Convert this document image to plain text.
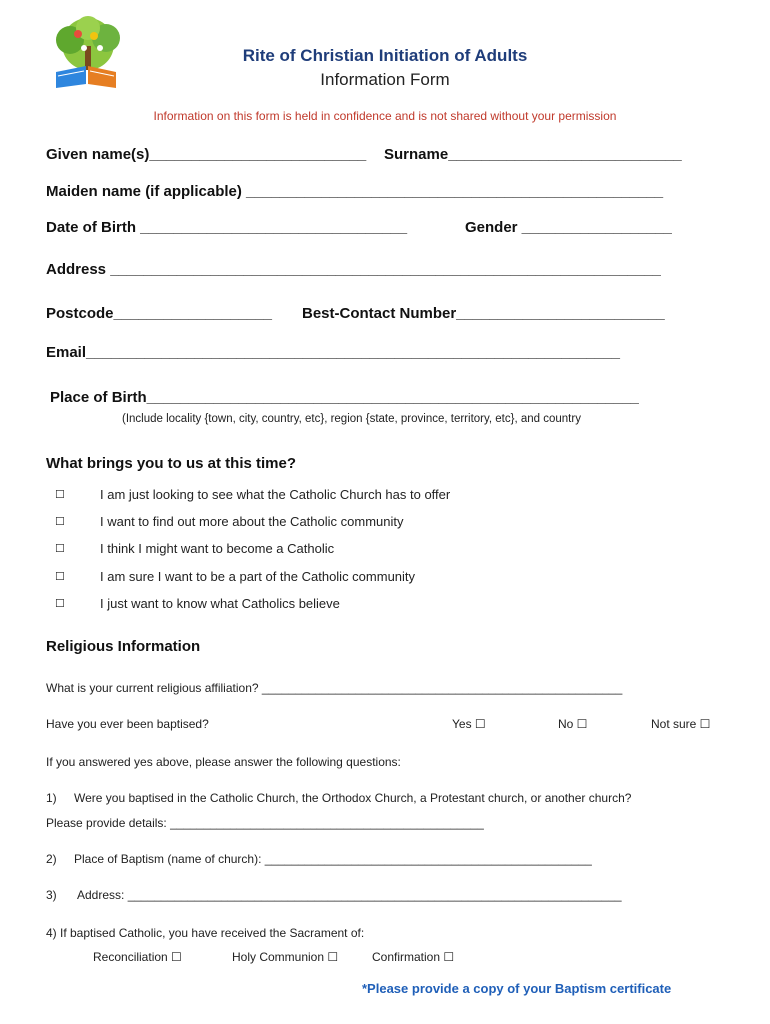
Rite of Christian Initiation of Adults
Information Form
Information on this form is held in confidence and is not shared without your permission
Given name(s)__________________________ Surname____________________________
Maiden name (if applicable) __________________________________________________
Date of Birth ________________________________	Gender __________________
Address __________________________________________________________________
Postcode___________________ Best-Contact Number_________________________
Email________________________________________________________________
Place of Birth___________________________________________________________
(Include locality {town, city, country, etc}, region {state, province, territory, etc}, and country
What brings you to us at this time?
☐	I am just looking to see what the Catholic Church has to offer
☐	I want to find out more about the Catholic community
☐	I think I might want to become a Catholic
☐	I am sure I want to be a part of the Catholic community
☐	I just want to know what Catholics believe
Religious Information
What is your current religious affiliation? ______________________________________________________
Have you ever been baptised?	Yes ☐	No ☐	Not sure ☐
If you answered yes above, please answer the following questions:
1) Were you baptised in the Catholic Church, the Orthodox Church, a Protestant church, or another church?
Please provide details: _______________________________________________
2) Place of Baptism (name of church): _________________________________________________
3) Address: __________________________________________________________________________
4) If baptised Catholic, you have received the Sacrament of:
Reconciliation ☐	Holy Communion ☐	Confirmation ☐
*Please provide a copy of your Baptism certificate
